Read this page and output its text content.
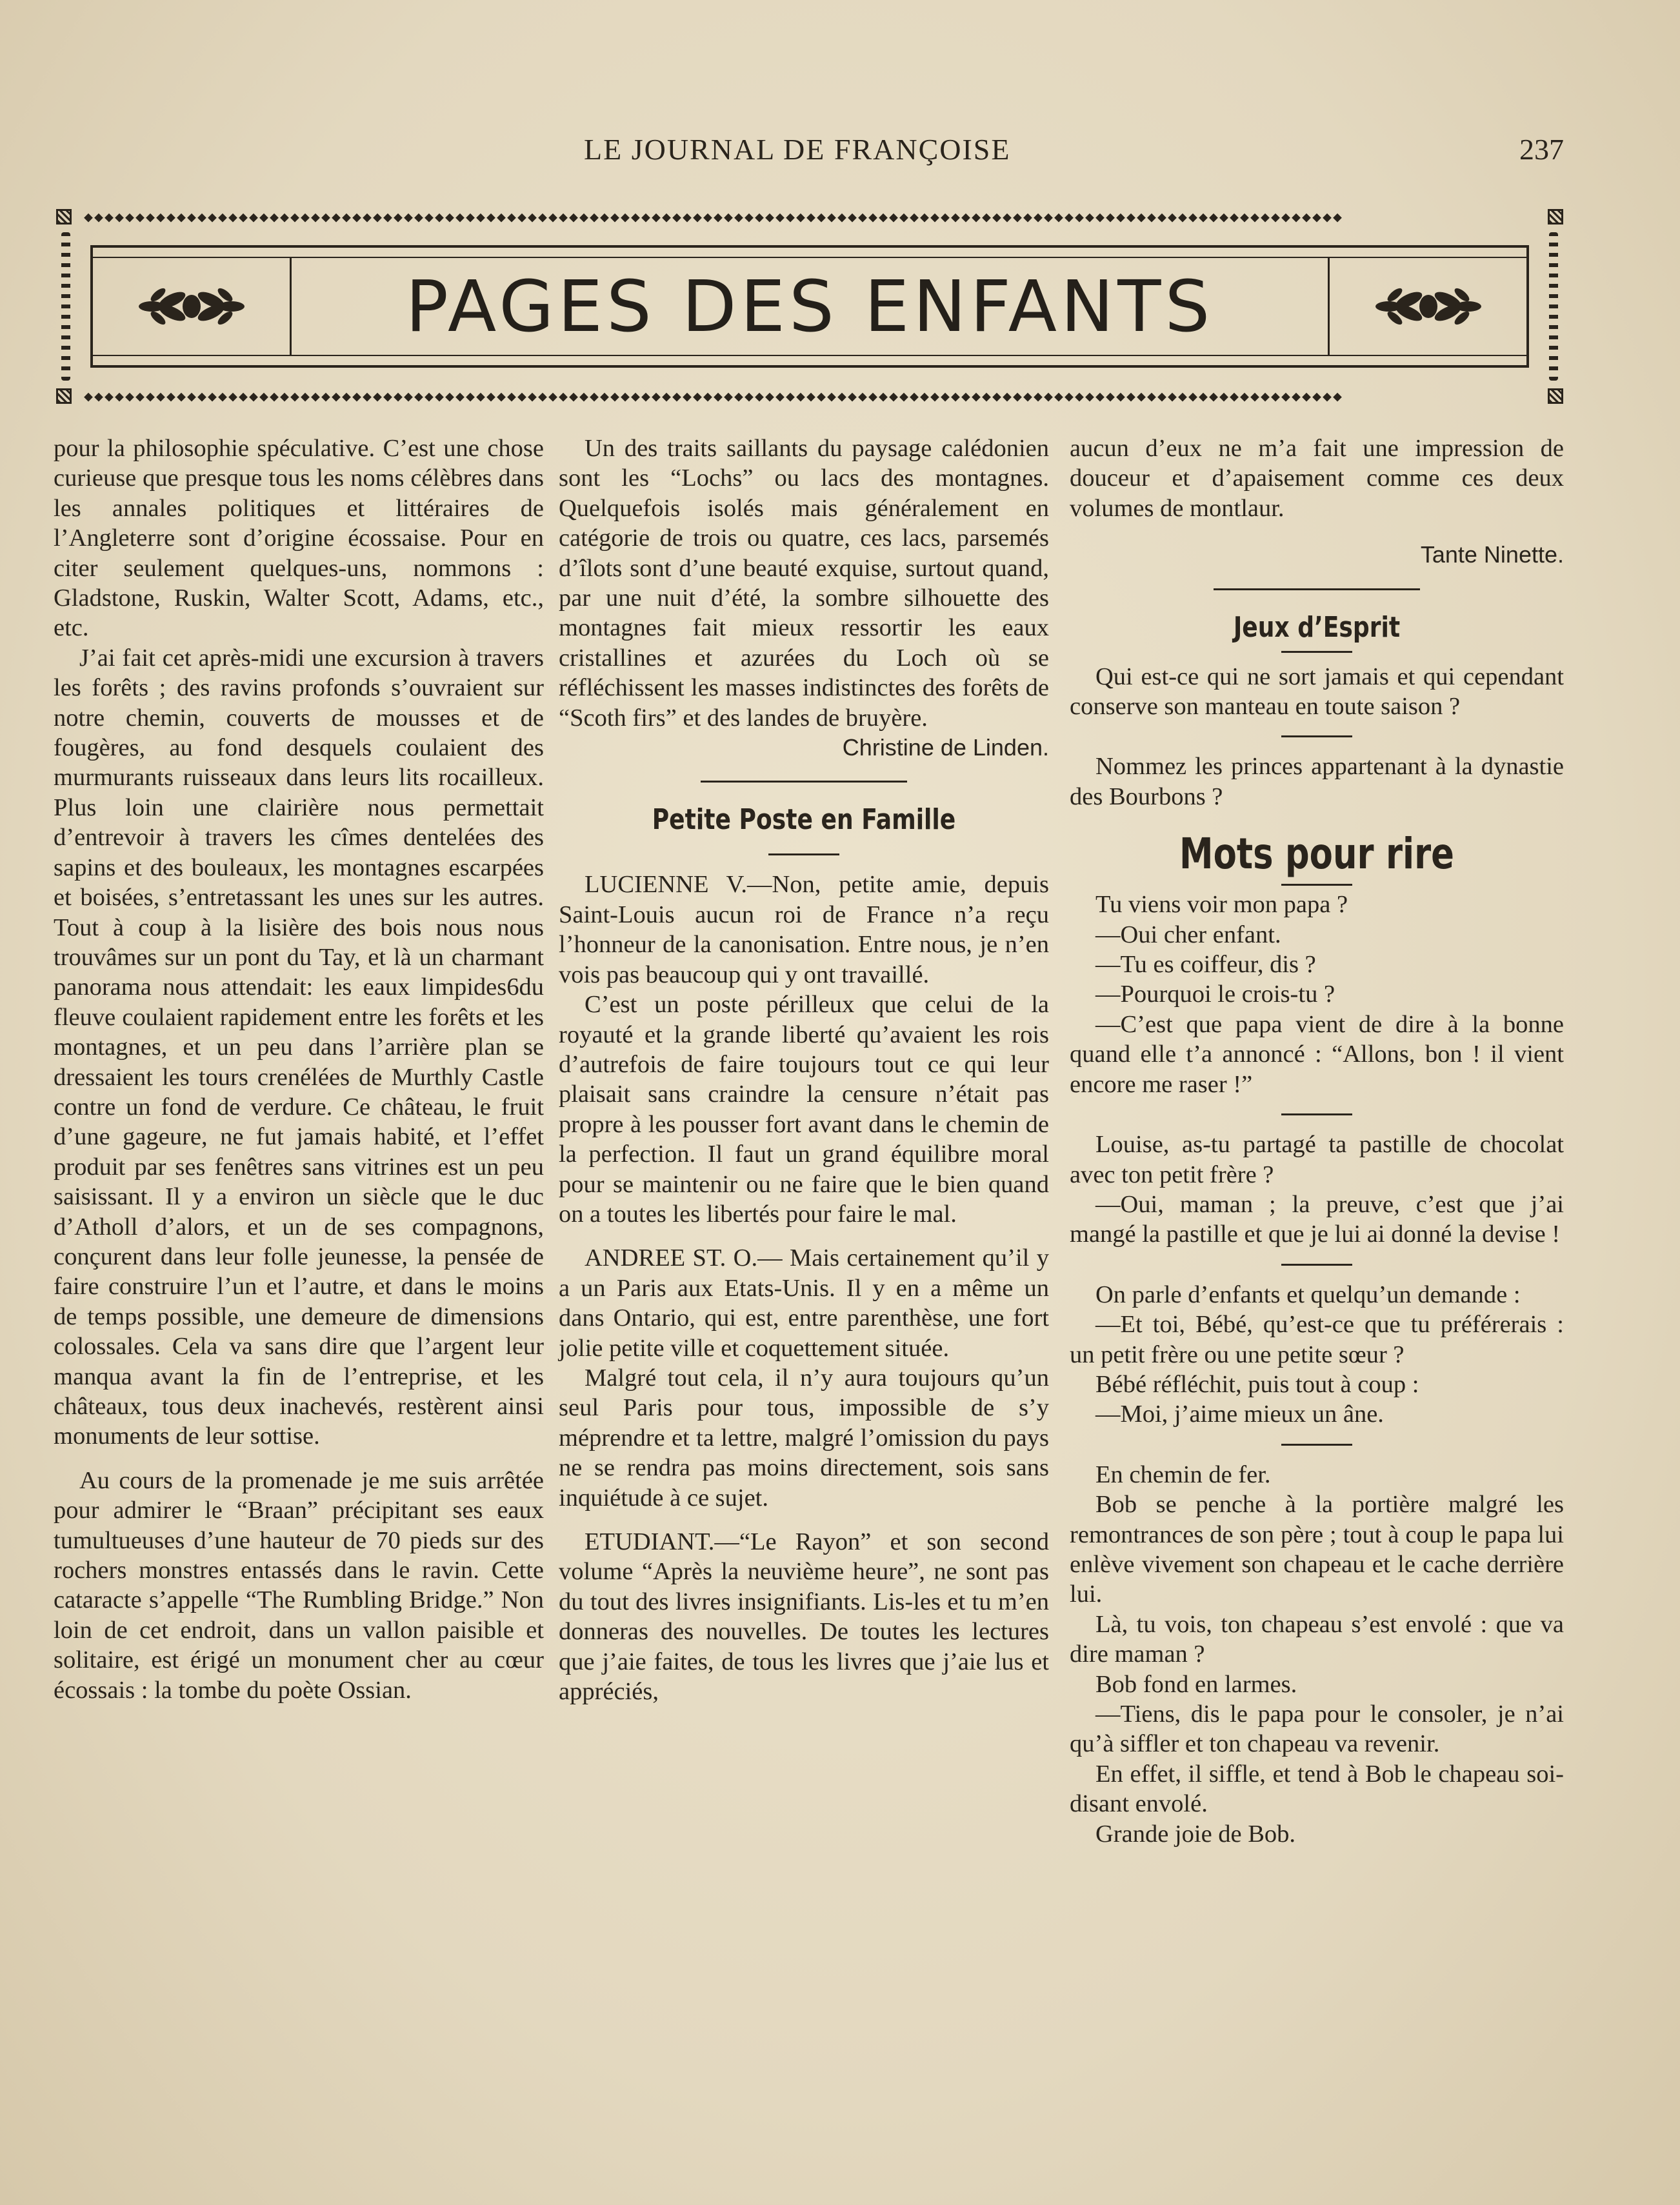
LE JOURNAL DE FRANÇOISE	237
⬥⬥⬥⬥⬥⬥⬥⬥⬥⬥⬥⬥⬥⬥⬥⬥⬥⬥⬥⬥⬥⬥⬥⬥⬥⬥⬥⬥⬥⬥⬥⬥⬥⬥⬥⬥⬥⬥⬥⬥⬥⬥⬥⬥⬥⬥⬥⬥⬥⬥⬥⬥⬥⬥⬥⬥⬥⬥⬥⬥⬥⬥⬥⬥⬥⬥⬥⬥⬥⬥⬥⬥⬥⬥⬥⬥⬥⬥⬥⬥⬥⬥⬥⬥⬥⬥⬥⬥⬥⬥⬥⬥⬥⬥⬥⬥⬥⬥⬥⬥⬥⬥⬥⬥⬥⬥⬥⬥⬥⬥⬥⬥⬥⬥⬥⬥⬥⬥⬥⬥⬥⬥
⬥⬥⬥⬥⬥⬥⬥⬥⬥⬥⬥⬥⬥⬥⬥⬥⬥⬥⬥⬥⬥⬥⬥⬥⬥⬥⬥⬥⬥⬥⬥⬥⬥⬥⬥⬥⬥⬥⬥⬥⬥⬥⬥⬥⬥⬥⬥⬥⬥⬥⬥⬥⬥⬥⬥⬥⬥⬥⬥⬥⬥⬥⬥⬥⬥⬥⬥⬥⬥⬥⬥⬥⬥⬥⬥⬥⬥⬥⬥⬥⬥⬥⬥⬥⬥⬥⬥⬥⬥⬥⬥⬥⬥⬥⬥⬥⬥⬥⬥⬥⬥⬥⬥⬥⬥⬥⬥⬥⬥⬥⬥⬥⬥⬥⬥⬥⬥⬥⬥⬥⬥⬥
PAGES DES ENFANTS

pour la philosophie spéculative. C’est une chose curieuse que presque tous les noms célèbres dans les annales politiques et littéraires de l’Angleterre sont d’origine écossaise. Pour en citer seulement quelques-uns, nommons : Gladstone, Ruskin, Walter Scott, Adams, etc., etc.

J’ai fait cet après-midi une excursion à travers les forêts ; des ravins profonds s’ouvraient sur notre chemin, couverts de mousses et de fougères, au fond desquels coulaient des murmurants ruisseaux dans leurs lits rocailleux. Plus loin une clairière nous permettait d’entrevoir à travers les cîmes dentelées des sapins et des bouleaux, les montagnes escarpées et boisées, s’entretassant les unes sur les autres. Tout à coup à la lisière des bois nous nous trouvâmes sur un pont du Tay, et là un charmant panorama nous attendait: les eaux limpides6du fleuve coulaient rapidement entre les forêts et les montagnes, et un peu dans l’arrière plan se dressaient les tours crenélées de Murthly Castle contre un fond de verdure. Ce château, le fruit d’une gageure, ne fut jamais habité, et l’effet produit par ses fenêtres sans vitrines est un peu saisissant. Il y a environ un siècle que le duc d’Atholl d’alors, et un de ses compagnons, conçurent dans leur folle jeunesse, la pensée de faire construire l’un et l’autre, et dans le moins de temps possible, une demeure de dimensions colossales. Cela va sans dire que l’argent leur manqua avant la fin de l’entreprise, et les châteaux, tous deux inachevés, restèrent ainsi monuments de leur sottise.

Au cours de la promenade je me suis arrêtée pour admirer le “Braan” précipitant ses eaux tumultueuses d’une hauteur de 70 pieds sur des rochers monstres entassés dans le ravin. Cette cataracte s’appelle “The Rumbling Bridge.” Non loin de cet endroit, dans un vallon paisible et solitaire, est érigé un monument cher au cœur écossais : la tombe du poète Ossian.

Un des traits saillants du paysage calédonien sont les “Lochs” ou lacs des montagnes. Quelquefois isolés mais généralement en catégorie de trois ou quatre, ces lacs, parsemés d’îlots sont d’une beauté exquise, surtout quand, par une nuit d’été, la sombre silhouette des montagnes fait mieux ressortir les eaux cristallines et azurées du Loch où se réfléchissent les masses indistinctes des forêts de “Scoth firs” et des landes de bruyère.

Christine de Linden.

Petite Poste en Famille

LUCIENNE V.—Non, petite amie, depuis Saint-Louis aucun roi de France n’a reçu l’honneur de la canonisation. Entre nous, je n’en vois pas beaucoup qui y ont travaillé.

C’est un poste périlleux que celui de la royauté et la grande liberté qu’avaient les rois d’autrefois de faire toujours tout ce qui leur plaisait sans craindre la censure n’était pas propre à les pousser fort avant dans le chemin de la perfection. Il faut un grand équilibre moral pour se maintenir ou ne faire que le bien quand on a toutes les libertés pour faire le mal.

ANDREE ST. O.— Mais certainement qu’il y a un Paris aux Etats-Unis. Il y en a même un dans Ontario, qui est, entre parenthèse, une fort jolie petite ville et coquettement située.

Malgré tout cela, il n’y aura toujours qu’un seul Paris pour tous, impossible de s’y méprendre et ta lettre, malgré l’omission du pays ne se rendra pas moins directement, sois sans inquiétude à ce sujet.

ETUDIANT.—“Le Rayon” et son second volume “Après la neuvième heure”, ne sont pas du tout des livres insignifiants. Lis-les et tu m’en donneras des nouvelles. De toutes les lectures que j’aie faites, de tous les livres que j’aie lus et appréciés,

aucun d’eux ne m’a fait une impression de douceur et d’apaisement comme ces deux volumes de montlaur.

Tante Ninette.

Jeux d’Esprit

Qui est-ce qui ne sort jamais et qui cependant conserve son manteau en toute saison ?

Nommez les princes appartenant à la dynastie des Bourbons ?

Mots pour rire

Tu viens voir mon papa ?

—Oui cher enfant.

—Tu es coiffeur, dis ?

—Pourquoi le crois-tu ?

—C’est que papa vient de dire à la bonne quand elle t’a annoncé : “Allons, bon ! il vient encore me raser !”

Louise, as-tu partagé ta pastille de chocolat avec ton petit frère ?

—Oui, maman ; la preuve, c’est que j’ai mangé la pastille et que je lui ai donné la devise !

On parle d’enfants et quelqu’un demande :

—Et toi, Bébé, qu’est-ce que tu préférerais : un petit frère ou une petite sœur ?

Bébé réfléchit, puis tout à coup :

—Moi, j’aime mieux un âne.

En chemin de fer.

Bob se penche à la portière malgré les remontrances de son père ; tout à coup le papa lui enlève vivement son chapeau et le cache derrière lui.

Là, tu vois, ton chapeau s’est envolé : que va dire maman ?

Bob fond en larmes.

—Tiens, dis le papa pour le consoler, je n’ai qu’à siffler et ton chapeau va revenir.

En effet, il siffle, et tend à Bob le chapeau soi-disant envolé.

Grande joie de Bob.
